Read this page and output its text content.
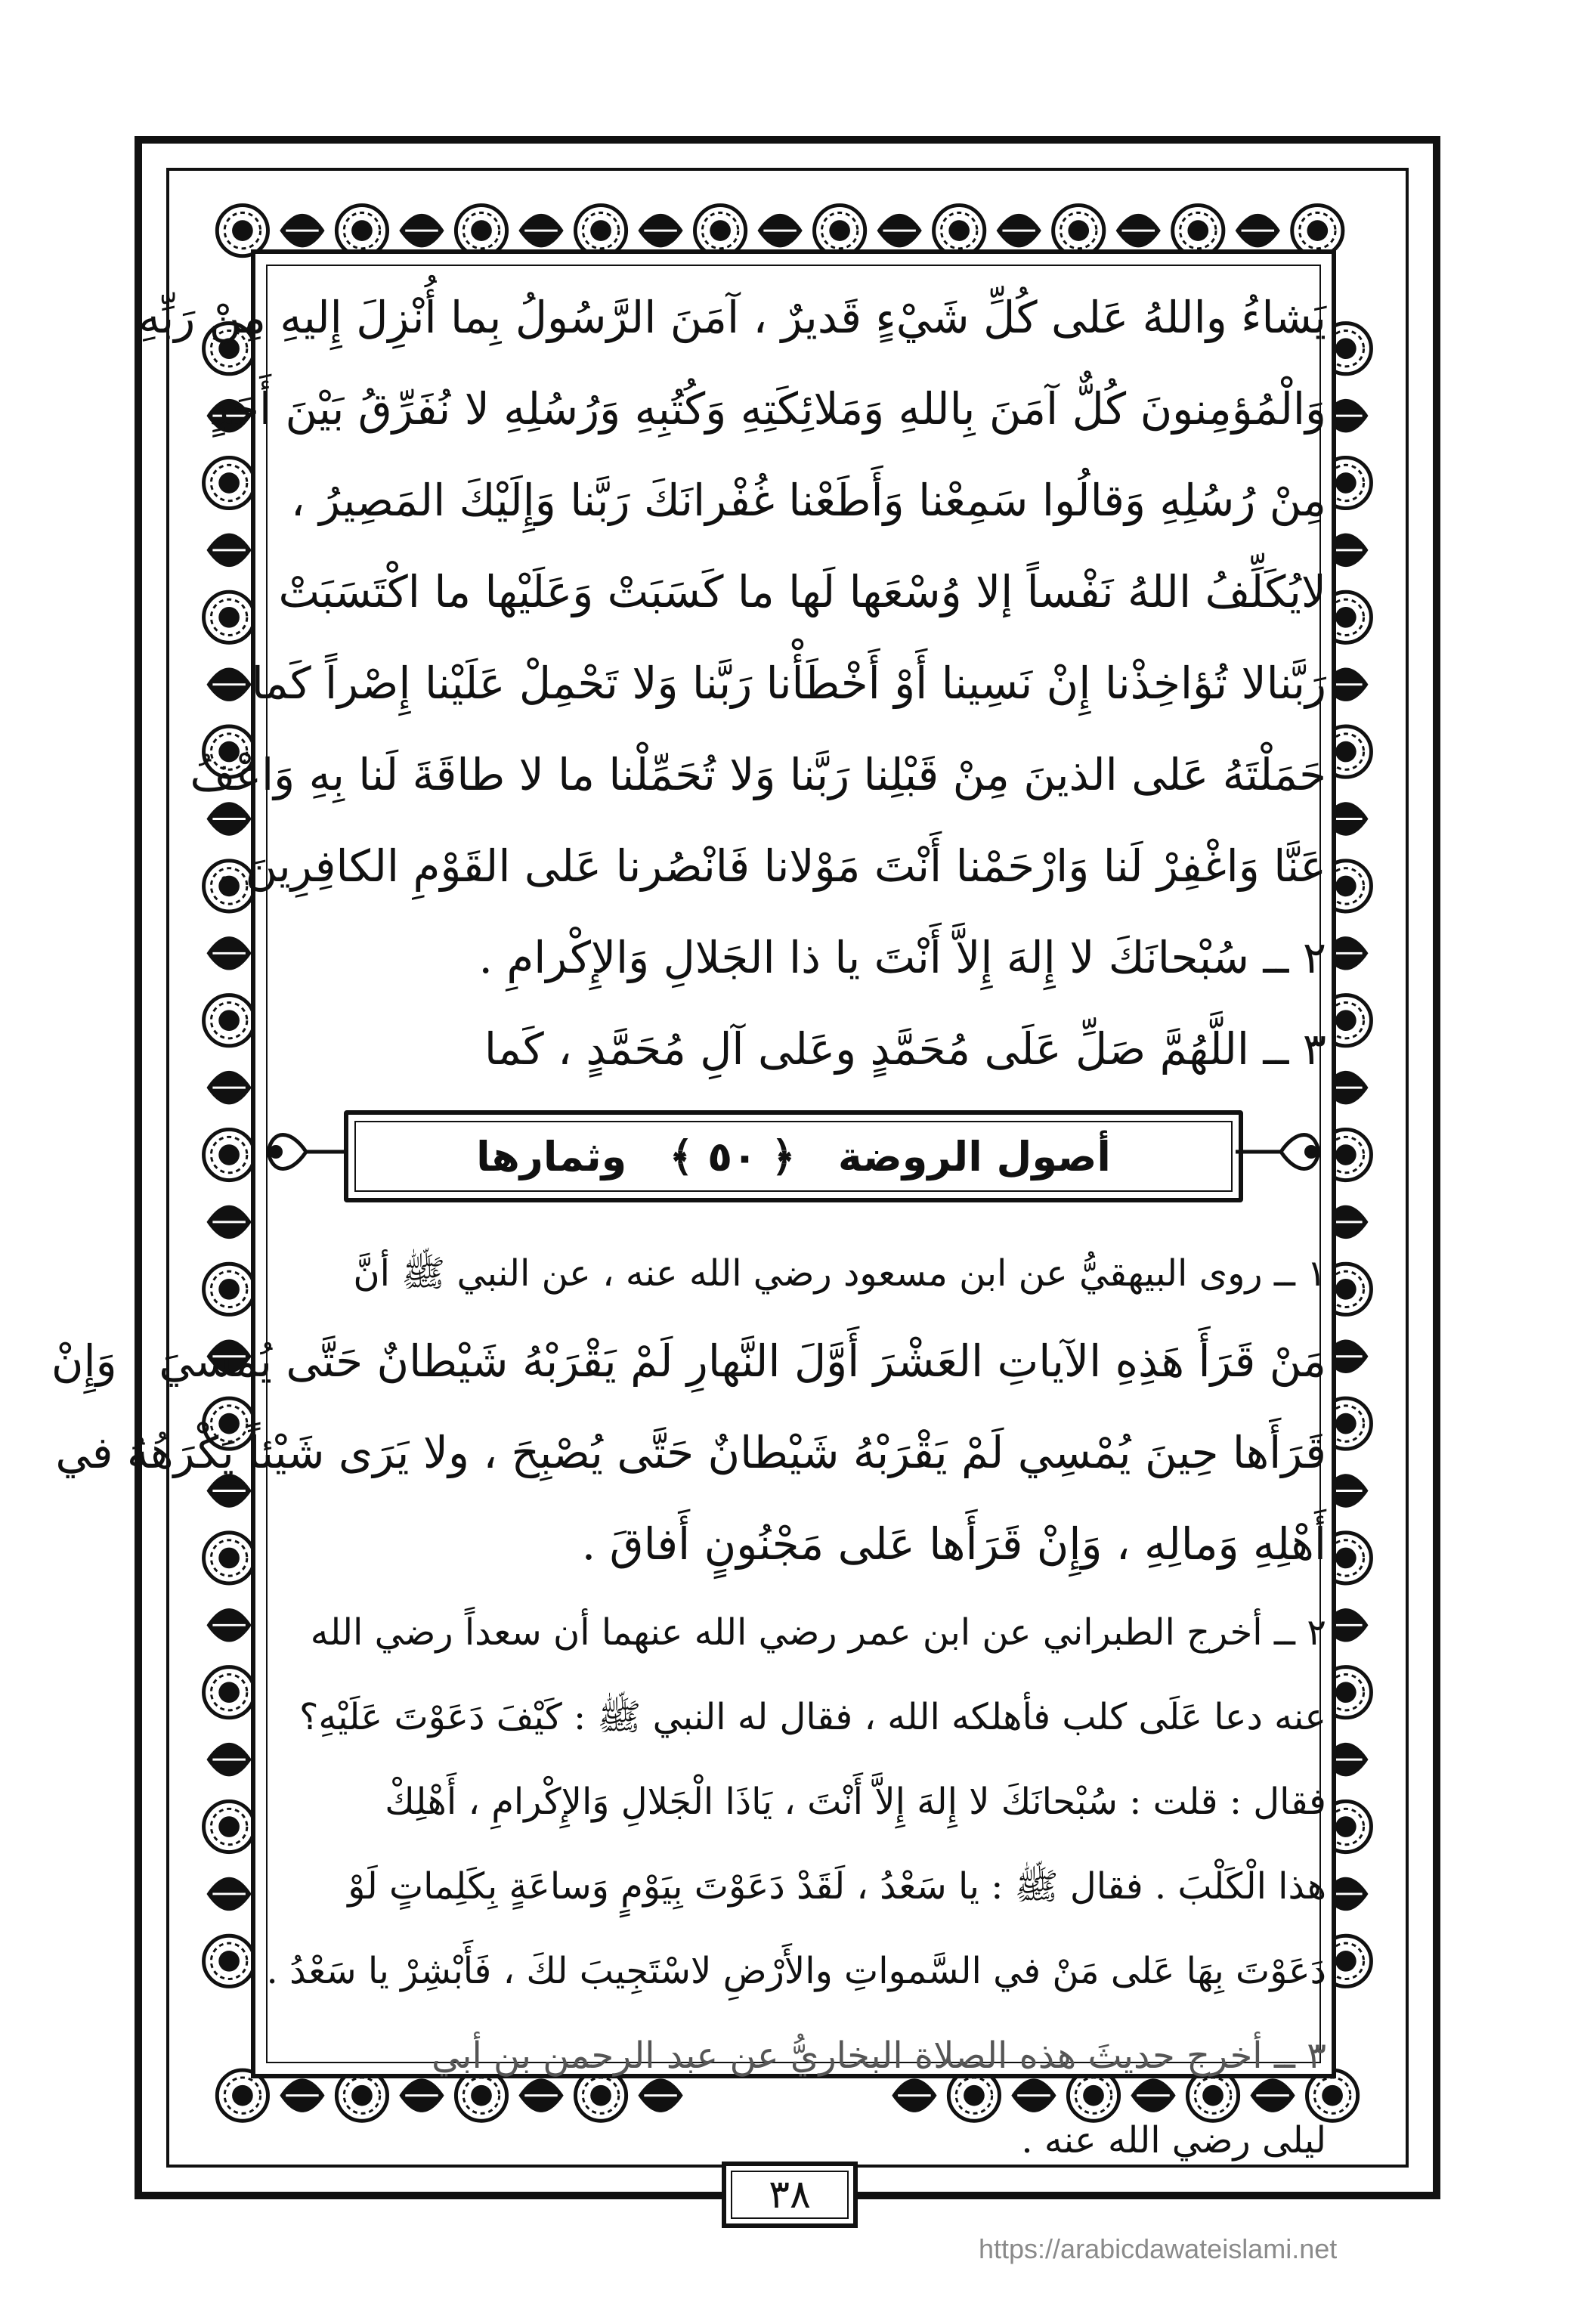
يَشاءُ واللهُ عَلى كُلِّ شَيْءٍ قَديرٌ ، آمَنَ الرَّسُولُ بِما أُنْزِلَ إِليهِ مِنْ رَبِّهِ
وَالْمُؤمِنونَ كُلٌّ آمَنَ بِاللهِ وَمَلائِكَتِهِ وَكُتُبِهِ وَرُسُلِهِ لا نُفَرِّقُ بَيْنَ أَحَدٍ
مِنْ رُسُلِهِ وَقالُوا سَمِعْنا وَأَطَعْنا غُفْرانَكَ رَبَّنا وَإِلَيْكَ المَصِيرُ ،
لايُكَلِّفُ اللهُ نَفْساً إلا وُسْعَها لَها ما كَسَبَتْ وَعَلَيْها ما اكْتَسَبَتْ
رَبَّنالا تُؤاخِذْنا إِنْ نَسِينا أَوْ أَخْطَأْنا رَبَّنا وَلا تَحْمِلْ عَلَيْنا إِصْراً كَما
حَمَلْتَهُ عَلى الذينَ مِنْ قَبْلِنا رَبَّنا وَلا تُحَمِّلْنا ما لا طاقَةَ لَنا بِهِ وَاعْفُ
عَنَّا وَاغْفِرْ لَنا وَارْحَمْنا أَنْتَ مَوْلانا فَانْصُرنا عَلى القَوْمِ الكافِرِينَ .
٢ ــ سُبْحانَكَ لا إِلهَ إِلاَّ أَنْتَ يا ذا الجَلالِ وَالإِكْرامِ .
٣ ــ اللَّهُمَّ صَلِّ عَلَى مُحَمَّدٍ وعَلى آلِ مُحَمَّدٍ ، كَما
أصول الروضة   ﴿ ٥٠ ﴾   وثمارها
١ ــ روى البيهقيُّ عن ابن مسعود رضي الله عنه ، عن النبي ﷺ أنَّ
مَنْ قَرَأَ هَذِهِ الآياتِ العَشْرَ أَوَّلَ النَّهارِ لَمْ يَقْرَبْهُ شَيْطانٌ حَتَّى يُمسيَ ، وَإِنْ
قَرَأَها حِينَ يُمْسِي لَمْ يَقْرَبْهُ شَيْطانٌ حَتَّى يُصْبِحَ ، ولا يَرَى شَيْئاً يَكْرَهُهُ في
أَهْلِهِ وَمالِهِ ، وَإِنْ قَرَأَها عَلى مَجْنُونٍ أَفاقَ .
٢ ــ أخرج الطبراني عن ابن عمر رضي الله عنهما أن سعداً رضي الله
عنه دعا عَلَى كلب فأهلكه الله ، فقال له النبي ﷺ : كَيْفَ دَعَوْتَ عَلَيْهِ؟
فقال : قلت : سُبْحانَكَ لا إِلهَ إِلاَّ أَنْتَ ، يَاذَا الْجَلالِ وَالإِكْرامِ ، أَهْلِكْ
هذا الْكَلْبَ . فقال ﷺ : يا سَعْدُ ، لَقَدْ دَعَوْتَ بِيَوْمٍ وَساعَةٍ بِكَلِماتٍ لَوْ
دَعَوْتَ بِهَا عَلى مَنْ في السَّمواتِ والأَرْضِ لاسْتَجِيبَ لكَ ، فَأَبْشِرْ يا سَعْدُ .
٣ ــ أخرج حديثَ هذه الصلاة البخاريُّ عن عبد الرحمن بن أبي
ليلى رضي الله عنه .
٣٨
https://arabicdawateislami.net
